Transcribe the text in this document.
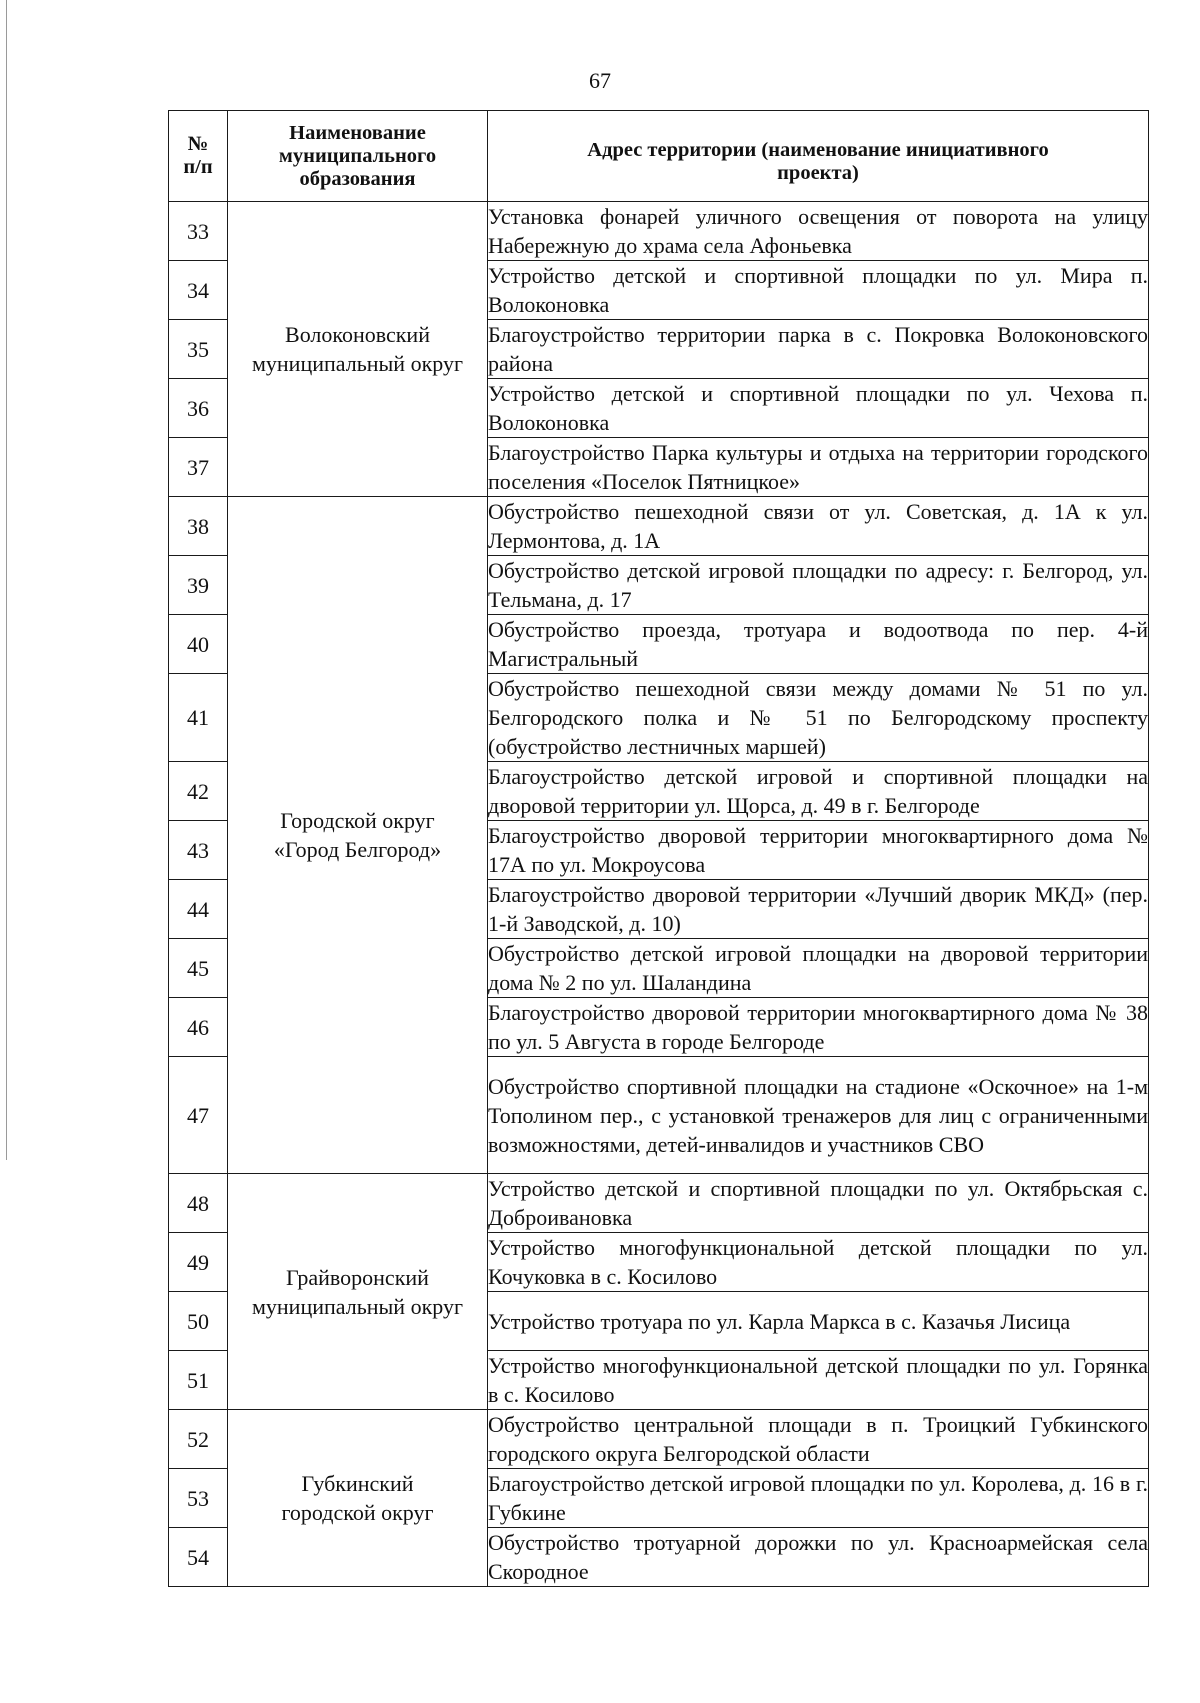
67
№ п/п	Наименование муниципального образования	Адрес территории (наименование инициативного проекта)
33	Волоконовский муниципальный округ	Установка фонарей уличного освещения от поворота на улицу Набережную до храма села Афоньевка
34		Устройство детской и спортивной площадки по ул. Мира п. Волоконовка
35		Благоустройство территории парка в с. Покровка Волоконовского района
36		Устройство детской и спортивной площадки по ул. Чехова п. Волоконовка
37		Благоустройство Парка культуры и отдыха на территории городского поселения «Поселок Пятницкое»
38	Городской округ «Город Белгород»	Обустройство пешеходной связи от ул. Советская, д. 1А к ул. Лермонтова, д. 1А
39		Обустройство детской игровой площадки по адресу: г. Белгород, ул. Тельмана, д. 17
40		Обустройство проезда, тротуара и водоотвода по пер. 4-й Магистральный
41		Обустройство пешеходной связи между домами № 51 по ул. Белгородского полка и № 51 по Белгородскому проспекту (обустройство лестничных маршей)
42		Благоустройство детской игровой и спортивной площадки на дворовой территории ул. Щорса, д. 49 в г. Белгороде
43		Благоустройство дворовой территории многоквартирного дома № 17А по ул. Мокроусова
44		Благоустройство дворовой территории «Лучший дворик МКД» (пер. 1-й Заводской, д. 10)
45		Обустройство детской игровой площадки на дворовой территории дома № 2 по ул. Шаландина
46		Благоустройство дворовой территории многоквартирного дома № 38 по ул. 5 Августа в городе Белгороде
47		Обустройство спортивной площадки на стадионе «Оскочное» на 1-м Тополином пер., с установкой тренажеров для лиц с ограниченными возможностями, детей-инвалидов и участников СВО
48	Грайворонский муниципальный округ	Устройство детской и спортивной площадки по ул. Октябрьская с. Доброивановка
49		Устройство многофункциональной детской площадки по ул. Кочуковка в с. Косилово
50		Устройство тротуара по ул. Карла Маркса в с. Казачья Лисица
51		Устройство многофункциональной детской площадки по ул. Горянка в с. Косилово
52	Губкинский городской округ	Обустройство центральной площади в п. Троицкий Губкинского городского округа Белгородской области
53		Благоустройство детской игровой площадки по ул. Королева, д. 16 в г. Губкине
54		Обустройство тротуарной дорожки по ул. Красноармейская села Скородное
